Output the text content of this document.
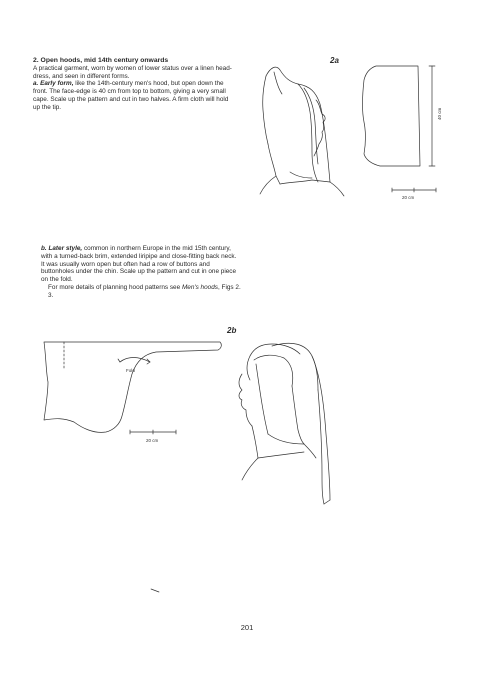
2. Open hoods, mid 14th century onwards
A practical garment, worn by women of lower status over a linen head-dress, and seen in different forms.
a. Early form, like the 14th-century men's hood, but open down the front. The face-edge is 40 cm from top to bottom, giving a very small cape. Scale up the pattern and cut in two halves. A firm cloth will hold up the tip.
2a
40 cm
20 cm
b. Later style, common in northern Europe in the mid 15th century, with a turned-back brim, extended liripipe and close-fitting back neck. It was usually worn open but often had a row of buttons and buttonholes under the chin. Scale up the pattern and cut in one piece on the fold.
For more details of planning hood patterns see Men's hoods, Figs 2. 3.
2b
Fold
20 cm
201
